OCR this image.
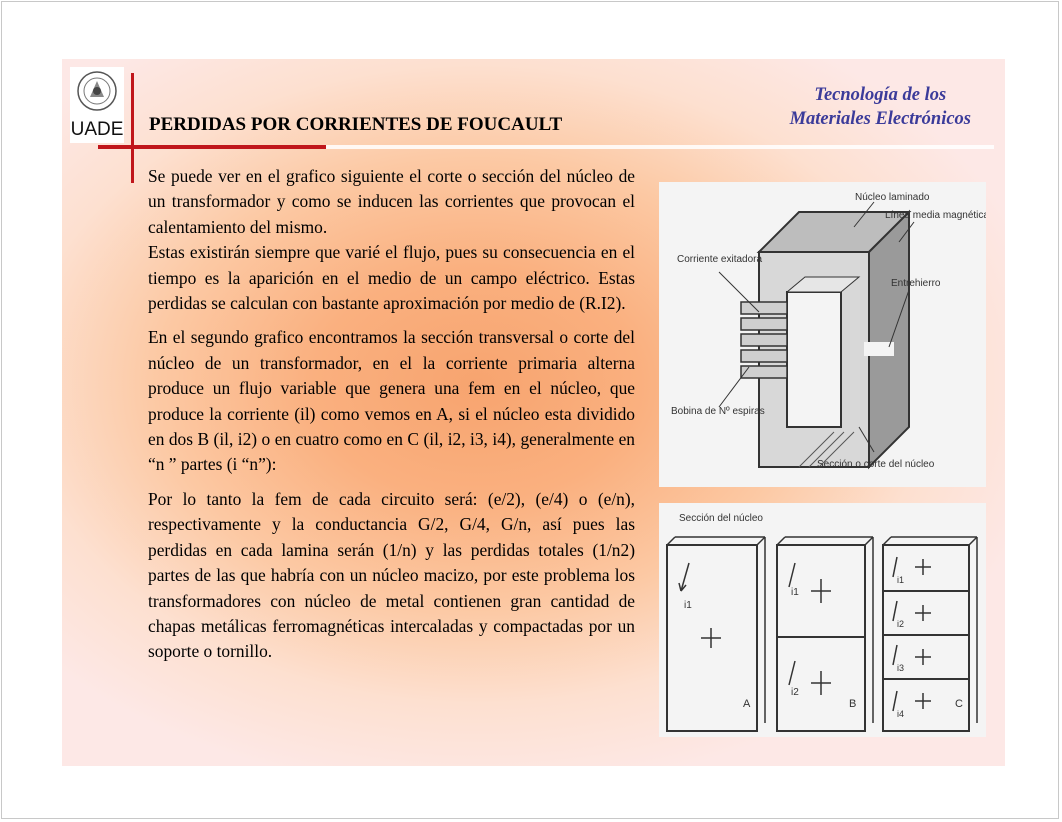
UADE PERDIDAS POR CORRIENTES DE FOUCAULT
Tecnología de los
Materiales Electrónicos

Se puede ver en el grafico siguiente el corte o sección del núcleo de un transformador y como se inducen las corrientes que provocan el calentamiento del mismo.

Estas existirán siempre que varié el flujo, pues su consecuencia en el tiempo es la aparición en el medio de un campo eléctrico. Estas perdidas se calculan con bastante aproximación por medio de (R.I2).

En el segundo grafico encontramos la sección transversal o corte del núcleo de un transformador, en el la corriente primaria alterna produce un flujo variable que genera una fem en el núcleo, que produce la corriente (il) como vemos en A, si el núcleo esta dividido en dos B (il, i2) o en cuatro como en C (il, i2, i3, i4), generalmente en “n ” partes (i “n”):

Por lo tanto la fem de cada circuito será: (e/2), (e/4) o (e/n), respectivamente y la conductancia G/2, G/4, G/n, así pues las perdidas en cada lamina serán (1/n) y las perdidas totales (1/n2) partes de las que habría con un núcleo macizo, por este problema los transformadores con núcleo de metal contienen gran cantidad de chapas metálicas ferromagnéticas intercaladas y compactadas por un soporte o tornillo.

Núcleo laminado
Línea media magnética
Corriente exitadora
Entrehierro
Bobina de Nº espiras
Sección o corte del núcleo
Sección del núcleo
i1
A
i1
i2
B
i1
i2
i3
i4
C
